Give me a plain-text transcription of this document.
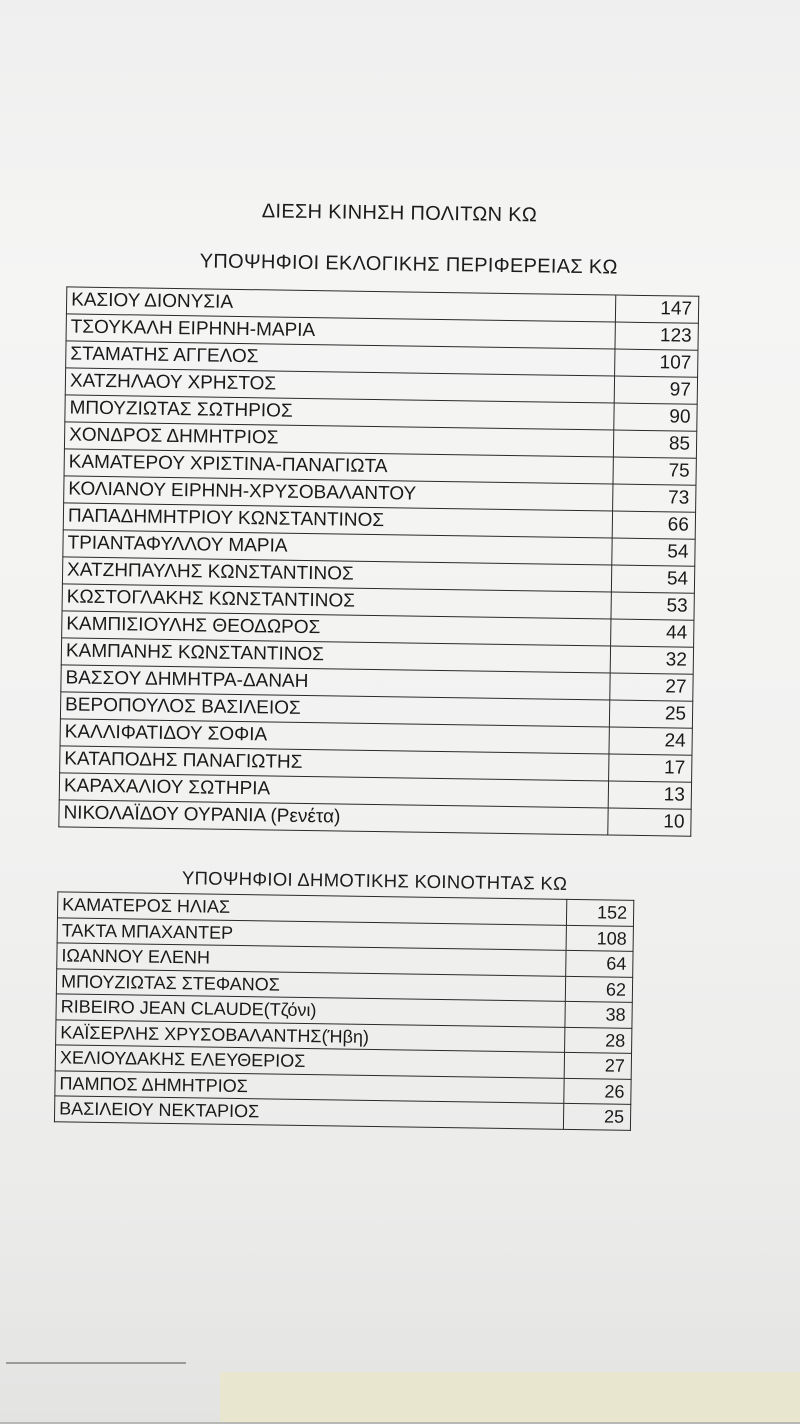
ΔΙΕΣΗ ΚΙΝΗΣΗ ΠΟΛΙΤΩΝ ΚΩ
ΥΠΟΨΗΦΙΟΙ ΕΚΛΟΓΙΚΗΣ ΠΕΡΙΦΕΡΕΙΑΣ ΚΩ
ΚΑΣΙΟΥ ΔΙΟΝΥΣΙΑ	147
ΤΣΟΥΚΑΛΗ ΕΙΡΗΝΗ-ΜΑΡΙΑ	123
ΣΤΑΜΑΤΗΣ ΑΓΓΕΛΟΣ	107
ΧΑΤΖΗΛΑΟΥ ΧΡΗΣΤΟΣ	97
ΜΠΟΥΖΙΩΤΑΣ ΣΩΤΗΡΙΟΣ	90
ΧΟΝΔΡΟΣ ΔΗΜΗΤΡΙΟΣ	85
ΚΑΜΑΤΕΡΟΥ ΧΡΙΣΤΙΝΑ-ΠΑΝΑΓΙΩΤΑ	75
ΚΟΛΙΑΝΟΥ ΕΙΡΗΝΗ-ΧΡΥΣΟΒΑΛΑΝΤΟΥ	73
ΠΑΠΑΔΗΜΗΤΡΙΟΥ ΚΩΝΣΤΑΝΤΙΝΟΣ	66
ΤΡΙΑΝΤΑΦΥΛΛΟΥ ΜΑΡΙΑ	54
ΧΑΤΖΗΠΑΥΛΗΣ ΚΩΝΣΤΑΝΤΙΝΟΣ	54
ΚΩΣΤΟΓΛΑΚΗΣ ΚΩΝΣΤΑΝΤΙΝΟΣ	53
ΚΑΜΠΙΣΙΟΥΛΗΣ ΘΕΟΔΩΡΟΣ	44
ΚΑΜΠΑΝΗΣ ΚΩΝΣΤΑΝΤΙΝΟΣ	32
ΒΑΣΣΟΥ ΔΗΜΗΤΡΑ-ΔΑΝΑΗ	27
ΒΕΡΟΠΟΥΛΟΣ ΒΑΣΙΛΕΙΟΣ	25
ΚΑΛΛΙΦΑΤΙΔΟΥ ΣΟΦΙΑ	24
ΚΑΤΑΠΟΔΗΣ ΠΑΝΑΓΙΩΤΗΣ	17
ΚΑΡΑΧΑΛΙΟΥ ΣΩΤΗΡΙΑ	13
ΝΙΚΟΛΑΪΔΟΥ ΟΥΡΑΝΙΑ (Ρενέτα)	10
ΥΠΟΨΗΦΙΟΙ ΔΗΜΟΤΙΚΗΣ ΚΟΙΝΟΤΗΤΑΣ ΚΩ
ΚΑΜΑΤΕΡΟΣ ΗΛΙΑΣ	152
ΤΑΚΤΑ ΜΠΑΧΑΝΤΕΡ	108
ΙΩΑΝΝΟΥ ΕΛΕΝΗ	64
ΜΠΟΥΖΙΩΤΑΣ ΣΤΕΦΑΝΟΣ	62
RIBEIRO JEAN CLAUDE(Τζόνι)	38
ΚΑΪΣΕΡΛΗΣ ΧΡΥΣΟΒΑΛΑΝΤΗΣ(Ήβη)	28
ΧΕΛΙΟΥΔΑΚΗΣ ΕΛΕΥΘΕΡΙΟΣ	27
ΠΑΜΠΟΣ ΔΗΜΗΤΡΙΟΣ	26
ΒΑΣΙΛΕΙΟΥ ΝΕΚΤΑΡΙΟΣ	25
